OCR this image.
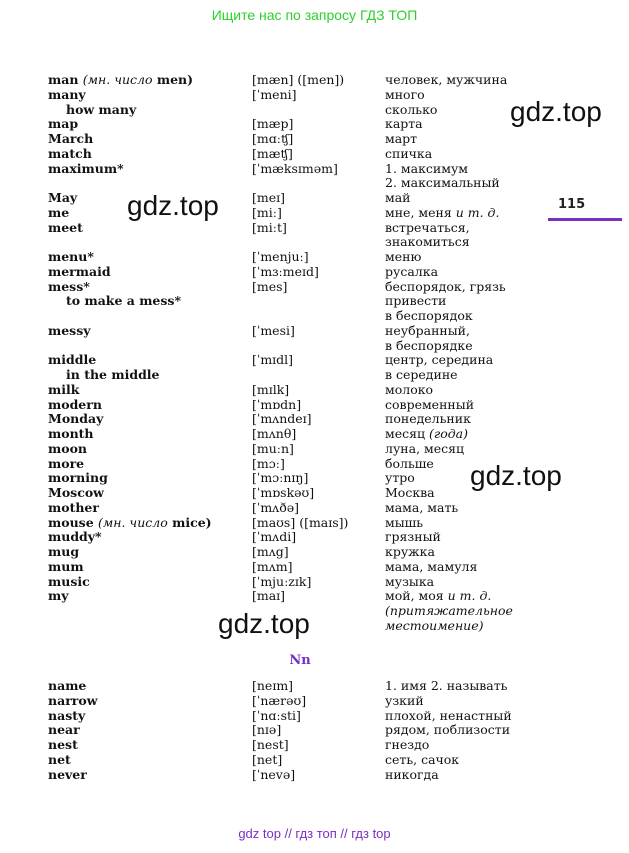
Ищите нас по запросу ГДЗ ТОП
115
gdz.top
gdz.top
gdz.top
gdz.top
man (мн. число men)	[mæn] ([men])	человек, мужчина
many	[ˈmeni]	много
how many	сколько
map	[mæp]	карта
March	[mɑːʧ]	март
match	[mæʧ]	спичка
maximum*	[ˈmæksɪməm]	1. максимум
2. максимальный
May	[meɪ]	май
me	[miː]	мне, меня и т. д.
meet	[miːt]	встречаться,
знакомиться
menu*	[ˈmenjuː]	меню
mermaid	[ˈmɜːmeɪd]	русалка
mess*	[mes]	беспорядок, грязь
to make a mess*	привести
в беспорядок
messy	[ˈmesi]	неубранный,
в беспорядке
middle	[ˈmɪdl]	центр, середина
in the middle	в середине
milk	[mɪlk]	молоко
modern	[ˈmɒdn]	современный
Monday	[ˈmʌndeɪ]	понедельник
month	[mʌnθ]	месяц (года)
moon	[muːn]	луна, месяц
more	[mɔː]	больше
morning	[ˈmɔːnɪŋ]	утро
Moscow	[ˈmɒskəʊ]	Москва
mother	[ˈmʌðə]	мама, мать
mouse (мн. число mice)	[maʊs] ([maɪs])	мышь
muddy*	[ˈmʌdi]	грязный
mug	[mʌg]	кружка
mum	[mʌm]	мама, мамуля
music	[ˈmjuːzɪk]	музыка
my	[maɪ]	мой, моя и т. д.
(притяжательное
местоимение)
Nn
name	[neɪm]	1. имя 2. называть
narrow	[ˈnærəʊ]	узкий
nasty	[ˈnɑːsti]	плохой, ненастный
near	[nɪə]	рядом, поблизости
nest	[nest]	гнездо
net	[net]	сеть, сачок
never	[ˈnevə]	никогда
gdz top // гдз топ // гдз top
